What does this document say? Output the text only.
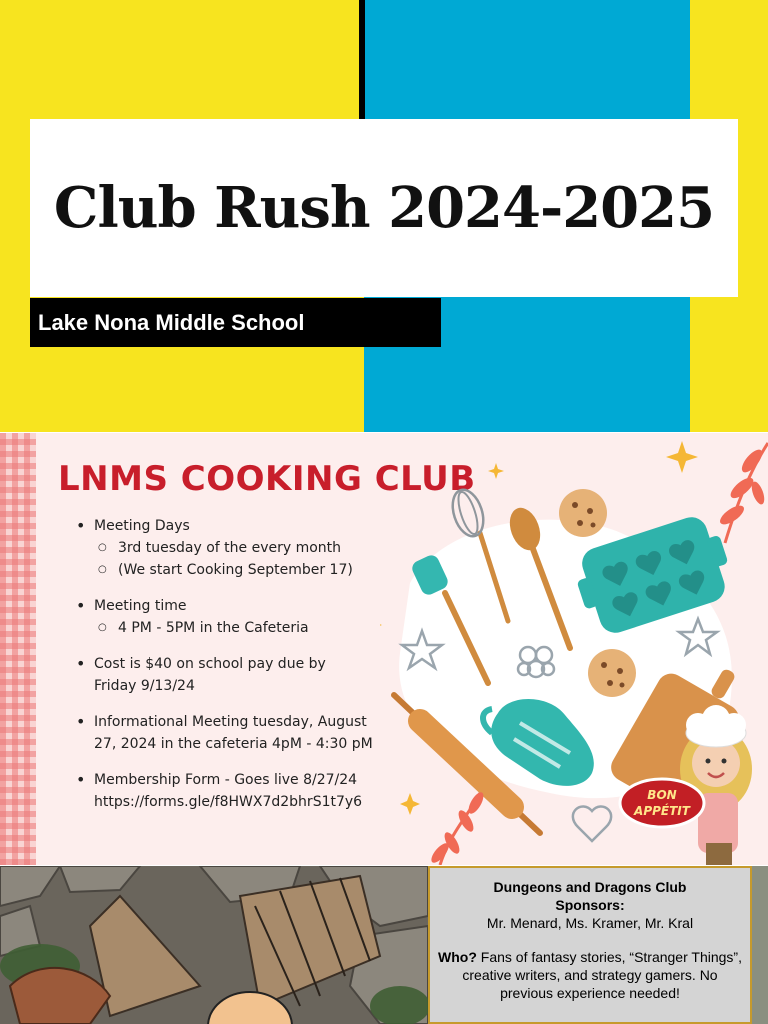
Club Rush 2024-2025
Lake Nona Middle School
LNMS COOKING CLUB
• Meeting Days
○ 3rd tuesday of the every month
○ (We start Cooking September 17)
• Meeting time
○ 4 PM - 5PM in the Cafeteria
• Cost is $40 on school pay due by
Friday 9/13/24
• Informational Meeting tuesday, August
27, 2024 in the cafeteria 4pM - 4:30 pM
• Membership Form - Goes live 8/27/24
https://forms.gle/f8HWX7d2bhrS1t7y6	BON
APPÉTIT

Dungeons and Dragons Club

Sponsors:

Mr. Menard, Ms. Kramer, Mr. Kral

Who? Fans of fantasy stories, “Stranger Things”, creative writers, and strategy gamers. No previous experience needed!
